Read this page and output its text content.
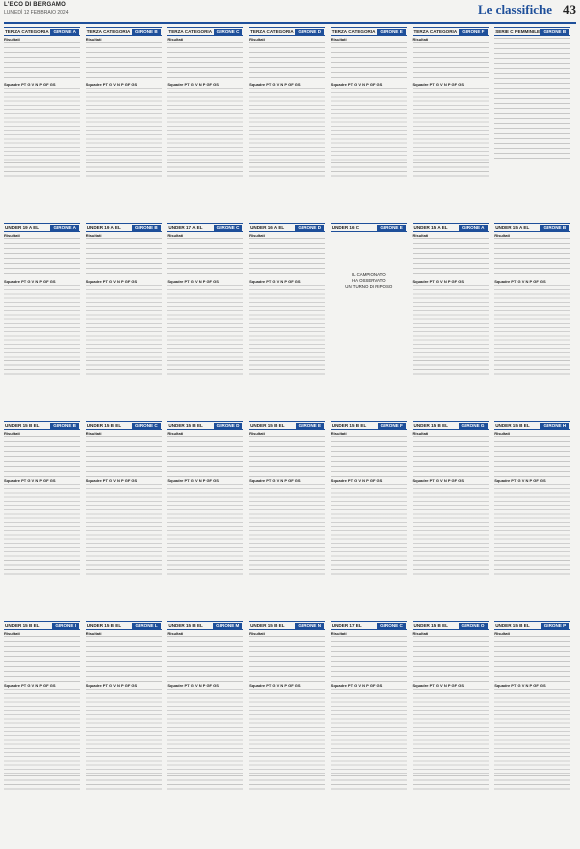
L'ECO DI BERGAMO
LUNEDÌ 12 FEBBRAIO 2024	Le classifiche 43
TERZA CATEGORIA	GIRONE A
Risultati
Squadre PT G V N P GF GS
TERZA CATEGORIA	GIRONE B
Risultati
Squadre PT G V N P GF GS
TERZA CATEGORIA	GIRONE C
Risultati
Squadre PT G V N P GF GS
TERZA CATEGORIA	GIRONE D
Risultati
Squadre PT G V N P GF GS
TERZA CATEGORIA	GIRONE E
Risultati
Squadre PT G V N P GF GS
TERZA CATEGORIA	GIRONE F
Risultati
Squadre PT G V N P GF GS
SERIE C FEMMINILE GIRONE B
UNDER 19 A EL	GIRONE A
Risultati
Squadre PT G V N P GF GS
UNDER 19 A EL	GIRONE B
Risultati
Squadre PT G V N P GF GS
UNDER 17 A EL	GIRONE C
Risultati
Squadre PT G V N P GF GS
UNDER 16 A EL	GIRONE D
Risultati
Squadre PT G V N P GF GS
UNDER 16 C	GIRONE E
IL CAMPIONATO
HA OSSERVATO
UN TURNO DI RIPOSO
UNDER 15 A EL	GIRONE A
Risultati
Squadre PT G V N P GF GS
UNDER 15 A EL	GIRONE B
Risultati
Squadre PT G V N P GF GS
UNDER 15 B EL	GIRONE B
Risultati
Squadre PT G V N P GF GS
UNDER 15 B EL	GIRONE C
Risultati
Squadre PT G V N P GF GS
UNDER 15 B EL	GIRONE D
Risultati
Squadre PT G V N P GF GS
UNDER 15 B EL	GIRONE E
Risultati
Squadre PT G V N P GF GS
UNDER 15 B EL	GIRONE F
Risultati
Squadre PT G V N P GF GS
UNDER 15 B EL	GIRONE G
Risultati
Squadre PT G V N P GF GS
UNDER 15 B EL	GIRONE H
Risultati
Squadre PT G V N P GF GS
UNDER 15 B EL	GIRONE I
Risultati
Squadre PT G V N P GF GS
UNDER 15 B EL	GIRONE L
Risultati
Squadre PT G V N P GF GS
UNDER 15 B EL	GIRONE M
Risultati
Squadre PT G V N P GF GS
UNDER 15 B EL	GIRONE N
Risultati
Squadre PT G V N P GF GS
UNDER 17 EL	GIRONE C
Risultati
Squadre PT G V N P GF GS
UNDER 15 B EL	GIRONE O
Risultati
Squadre PT G V N P GF GS
UNDER 15 B EL	GIRONE P
Risultati
Squadre PT G V N P GF GS
